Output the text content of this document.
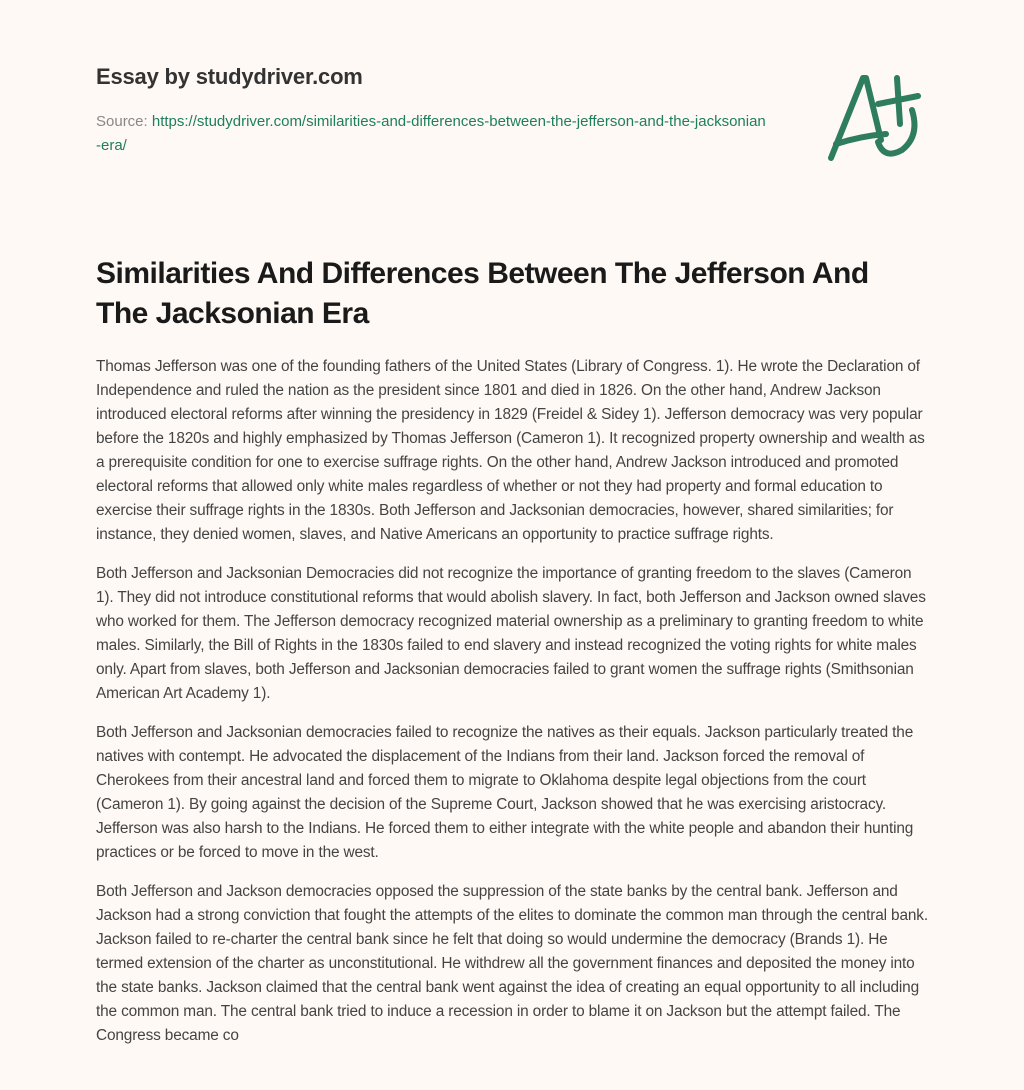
Essay by studydriver.com
Source: https://studydriver.com/similarities-and-differences-between-the-jefferson-and-the-jacksonian-era/
Similarities And Differences Between The Jefferson And The Jacksonian Era

Thomas Jefferson was one of the founding fathers of the United States (Library of Congress. 1). He wrote the Declaration of Independence and ruled the nation as the president since 1801 and died in 1826. On the other hand, Andrew Jackson introduced electoral reforms after winning the presidency in 1829 (Freidel & Sidey 1). Jefferson democracy was very popular before the 1820s and highly emphasized by Thomas Jefferson (Cameron 1). It recognized property ownership and wealth as a prerequisite condition for one to exercise suffrage rights. On the other hand, Andrew Jackson introduced and promoted electoral reforms that allowed only white males regardless of whether or not they had property and formal education to exercise their suffrage rights in the 1830s. Both Jefferson and Jacksonian democracies, however, shared similarities; for instance, they denied women, slaves, and Native Americans an opportunity to practice suffrage rights.

Both Jefferson and Jacksonian Democracies did not recognize the importance of granting freedom to the slaves (Cameron 1). They did not introduce constitutional reforms that would abolish slavery. In fact, both Jefferson and Jackson owned slaves who worked for them. The Jefferson democracy recognized material ownership as a preliminary to granting freedom to white males. Similarly, the Bill of Rights in the 1830s failed to end slavery and instead recognized the voting rights for white males only. Apart from slaves, both Jefferson and Jacksonian democracies failed to grant women the suffrage rights (Smithsonian American Art Academy 1).

Both Jefferson and Jacksonian democracies failed to recognize the natives as their equals. Jackson particularly treated the natives with contempt. He advocated the displacement of the Indians from their land. Jackson forced the removal of Cherokees from their ancestral land and forced them to migrate to Oklahoma despite legal objections from the court (Cameron 1). By going against the decision of the Supreme Court, Jackson showed that he was exercising aristocracy. Jefferson was also harsh to the Indians. He forced them to either integrate with the white people and abandon their hunting practices or be forced to move in the west.

Both Jefferson and Jackson democracies opposed the suppression of the state banks by the central bank. Jefferson and Jackson had a strong conviction that fought the attempts of the elites to dominate the common man through the central bank. Jackson failed to re-charter the central bank since he felt that doing so would undermine the democracy (Brands 1). He termed extension of the charter as unconstitutional. He withdrew all the government finances and deposited the money into the state banks. Jackson claimed that the central bank went against the idea of creating an equal opportunity to all including the common man. The central bank tried to induce a recession in order to blame it on Jackson but the attempt failed. The Congress became co
